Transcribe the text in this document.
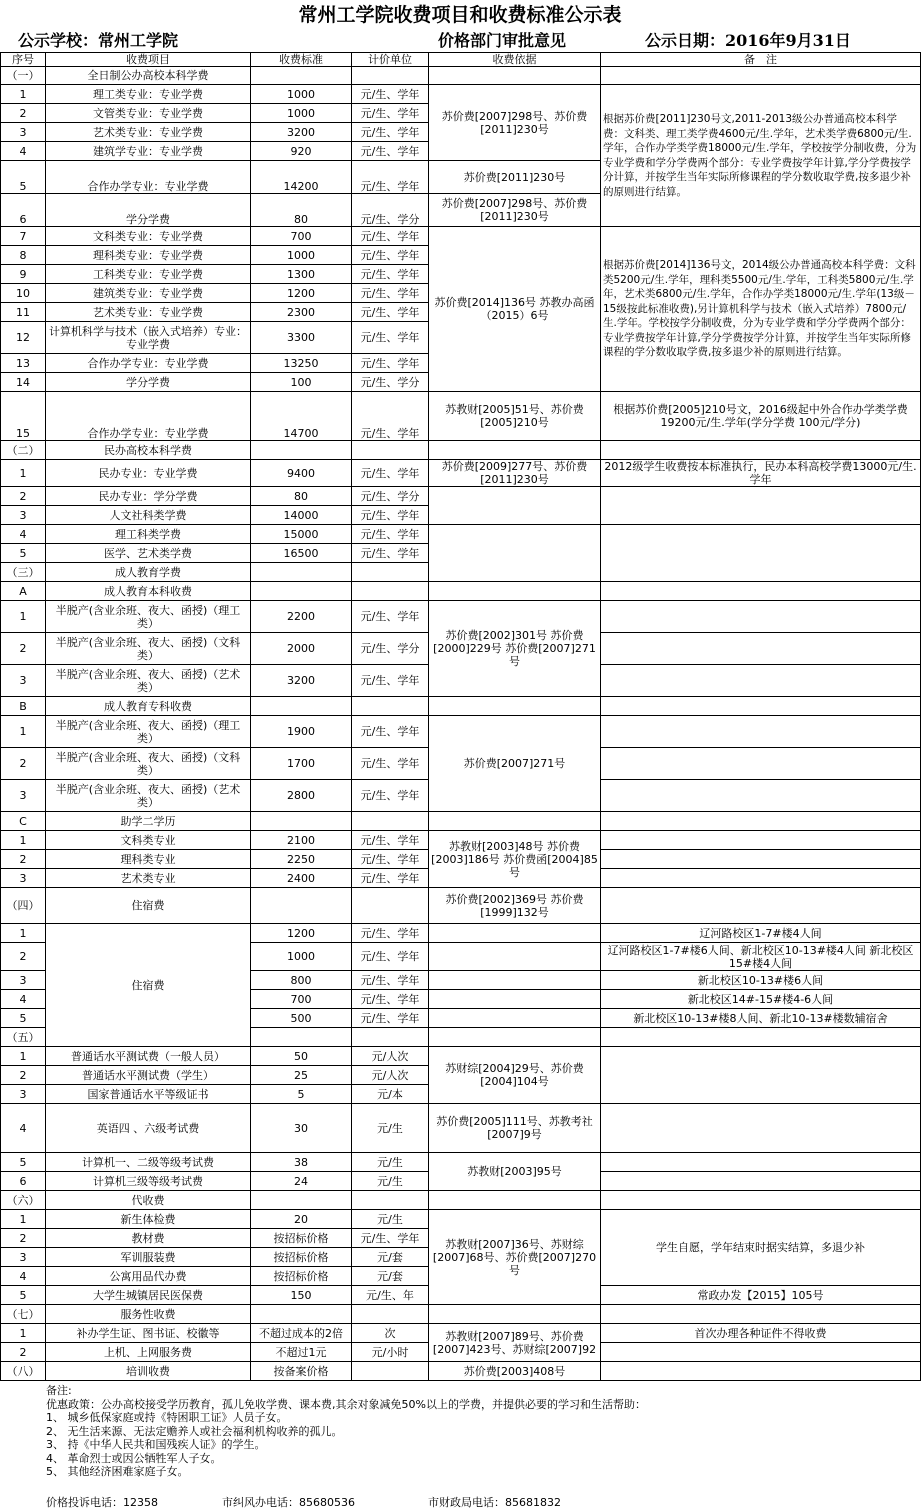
常州工学院收费项目和收费标准公示表
公示学校：常州工学院	价格部门审批意见	公示日期：2016年9月31日
序号	收费项目	收费标准	计价单位	收费依据	备　注
（一）	全日制公办高校本科学费				
1	理工类专业：专业学费	1000	元/生、学年	苏价费[2007]298号、苏价费[2011]230号	根据苏价费[2011]230号文,2011-2013级公办普通高校本科学费：文科类、理工类学费4600元/生.学年，艺术类学费6800元/生.学年，合作办学类学费18000元/生.学年，学校按学分制收费，分为专业学费和学分学费两个部分：专业学费按学年计算,学分学费按学分计算，并按学生当年实际所修课程的学分数收取学费,按多退少补的原则进行结算。
2	文管类专业：专业学费	1000	元/生、学年		
3	艺术类专业：专业学费	3200	元/生、学年		
4	建筑学专业：专业学费	920	元/生、学年		
5	合作办学专业：专业学费	14200	元/生、学年	苏价费[2011]230号	
6	学分学费	80	元/生、学分	苏价费[2007]298号、苏价费[2011]230号	
7	文科类专业：专业学费	700	元/生、学年	苏价费[2014]136号 苏教办高函（2015）6号	根据苏价费[2014]136号文，2014级公办普通高校本科学费：文科类5200元/生.学年，理科类5500元/生.学年，工科类5800元/生.学年，艺术类6800元/生.学年，合作办学类18000元/生.学年(13级－15级按此标准收费),另计算机科学与技术（嵌入式培养）7800元/生.学年。学校按学分制收费，分为专业学费和学分学费两个部分：专业学费按学年计算,学分学费按学分计算，并按学生当年实际所修课程的学分数收取学费,按多退少补的原则进行结算。
8	理科类专业：专业学费	1000	元/生、学年		
9	工科类专业：专业学费	1300	元/生、学年		
10	建筑类专业：专业学费	1200	元/生、学年		
11	艺术类专业：专业学费	2300	元/生、学年		
12	计算机科学与技术（嵌入式培养）专业：专业学费	3300	元/生、学年		
13	合作办学专业：专业学费	13250	元/生、学年		
14	学分学费	100	元/生、学分		
15	合作办学专业：专业学费	14700	元/生、学年	苏教财[2005]51号、苏价费[2005]210号	根据苏价费[2005]210号文，2016级起中外合作办学类学费19200元/生.学年(学分学费 100元/学分)
（二）	民办高校本科学费				
1	民办专业：专业学费	9400	元/生、学年	苏价费[2009]277号、苏价费[2011]230号	2012级学生收费按本标准执行，民办本科高校学费13000元/生.学年
2	民办专业：学分学费	80	元/生、学分		
3	人文社科类学费	14000	元/生、学年		
4	理工科类学费	15000	元/生、学年		
5	医学、艺术类学费	16500	元/生、学年		
（三）	成人教育学费				
A	成人教育本科收费				
1	半脱产(含业余班、夜大、函授)（理工类）	2200	元/生、学年	苏价费[2002]301号 苏价费[2000]229号 苏价费[2007]271号	
2	半脱产(含业余班、夜大、函授)（文科类）	2000	元/生、学分		
3	半脱产(含业余班、夜大、函授)（艺术类）	3200	元/生、学年		
B	成人教育专科收费				
1	半脱产(含业余班、夜大、函授)（理工类）	1900	元/生、学年	苏价费[2007]271号	
2	半脱产(含业余班、夜大、函授)（文科类）	1700	元/生、学年		
3	半脱产(含业余班、夜大、函授)（艺术类）	2800	元/生、学年		
C	助学二学历				
1	文科类专业	2100	元/生、学年	苏教财[2003]48号 苏价费[2003]186号 苏价费函[2004]85号	
2	理科类专业	2250	元/生、学年		
3	艺术类专业	2400	元/生、学年		
（四）	住宿费			苏价费[2002]369号 苏价费[1999]132号	
1	住宿费	1200	元/生、学年		辽河路校区1-7#楼4人间
2		1000	元/生、学年		辽河路校区1-7#楼6人间、新北校区10-13#楼4人间 新北校区15#楼4人间
3		800	元/生、学年		新北校区10-13#楼6人间
4		700	元/生、学年		新北校区14#-15#楼4-6人间
5		500	元/生、学年		新北校区10-13#楼8人间、新北10-13#楼数辅宿舍
（五）					
1	普通话水平测试费（一般人员）	50	元/人次	苏财综[2004]29号、苏价费[2004]104号	
2	普通话水平测试费（学生）	25	元/人次		
3	国家普通话水平等级证书	5	元/本		
4	英语四 、六级考试费	30	元/生	苏价费[2005]111号、苏教考社[2007]9号	
5	计算机一、二级等级考试费	38	元/生	苏教财[2003]95号	
6	计算机三级等级考试费	24	元/生		
（六）	代收费				
1	新生体检费	20	元/生	苏教财[2007]36号、苏财综[2007]68号、苏价费[2007]270号	学生自愿，学年结束时据实结算，多退少补
2	教材费	按招标价格	元/生、学年		
3	军训服装费	按招标价格	元/套		
4	公寓用品代办费	按招标价格	元/套		
5	大学生城镇居民医保费	150	元/生、年		常政办发【2015】105号
（七）	服务性收费				
1	补办学生证、图书证、校徽等	不超过成本的2倍	次	苏教财[2007]89号、苏价费[2007]423号、苏财综[2007]92	首次办理各种证件不得收费
2	上机、上网服务费	不超过1元	元/小时		
（八）	培训收费	按备案价格		苏价费[2003]408号	
备注:
优惠政策：公办高校接受学历教育，孤儿免收学费、课本费,其余对象减免50%以上的学费，并提供必要的学习和生活帮助：
1、 城乡低保家庭或持《特困职工证》人员子女。
2、 无生活来源、无法定赡养人或社会福利机构收养的孤儿。
3、 持《中华人民共和国残疾人证》的学生。
4、 革命烈士或因公牺牲军人子女。
5、 其他经济困难家庭子女。
价格投诉电话：12358	市纠风办电话：85680536	市财政局电话：85681832
